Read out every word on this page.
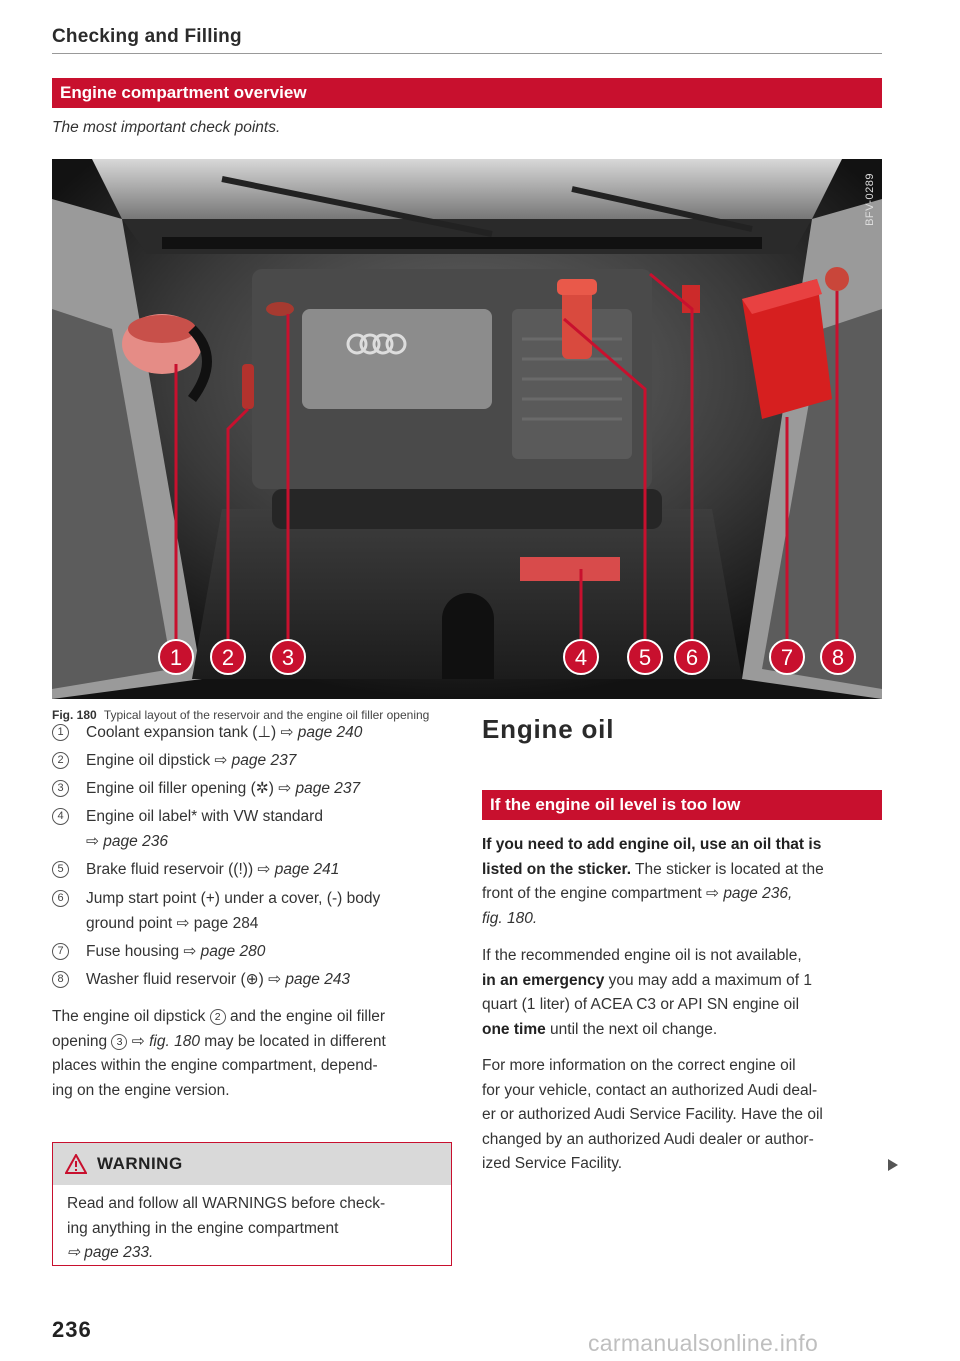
Checking and Filling
Engine compartment overview
The most important check points.
BFV-0289
1 2 3	4 5 6	7 8
Fig. 180 Typical layout of the reservoir and the engine oil filler opening
1 Coolant expansion tank (⊥) ⇨ page 240
2 Engine oil dipstick ⇨ page 237
3 Engine oil filler opening (✲) ⇨ page 237
4 Engine oil label* with VW standard
⇨ page 236
5 Brake fluid reservoir ((!)) ⇨ page 241
6 Jump start point (+) under a cover, (-) body
ground point ⇨ page 284
7 Fuse housing ⇨ page 280
8 Washer fluid reservoir (⊕) ⇨ page 243
The engine oil dipstick 2 and the engine oil filler
opening 3 ⇨ fig. 180 may be located in different
places within the engine compartment, depend-
ing on the engine version.
WARNING
Read and follow all WARNINGS before check-
ing anything in the engine compartment
⇨ page 233.
Engine oil
If the engine oil level is too low
If you need to add engine oil, use an oil that is
listed on the sticker. The sticker is located at the
front of the engine compartment ⇨ page 236,
fig. 180.
If the recommended engine oil is not available,
in an emergency you may add a maximum of 1
quart (1 liter) of ACEA C3 or API SN engine oil
one time until the next oil change.
For more information on the correct engine oil
for your vehicle, contact an authorized Audi deal-
er or authorized Audi Service Facility. Have the oil
changed by an authorized Audi dealer or author-
ized Service Facility.
236
carmanualsonline.info
